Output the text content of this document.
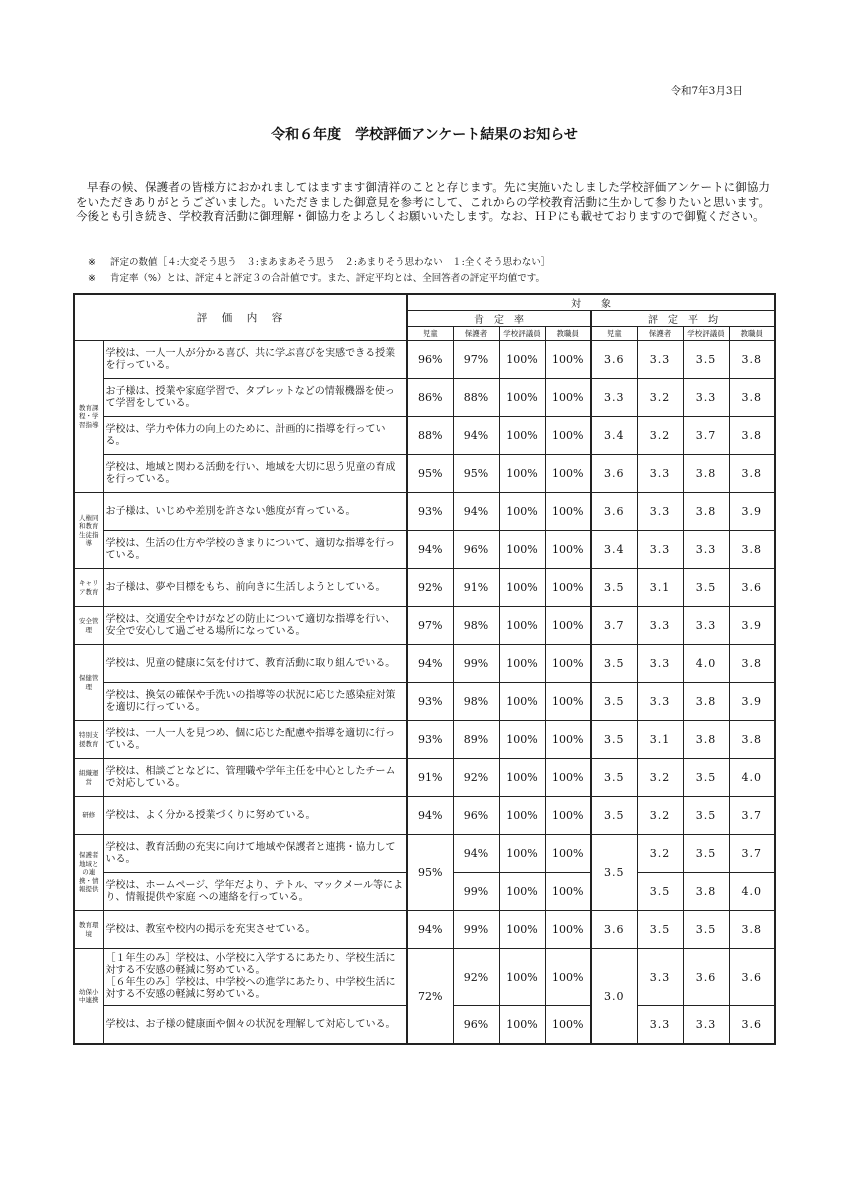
令和7年3月3日
令和６年度　学校評価アンケート結果のお知らせ
早春の候、保護者の皆様方におかれましてはますます御清祥のことと存じます。先に実施いたしました学校評価アンケートに御協力をいただきありがとうございました。いただきました御意見を参考にして、これからの学校教育活動に生かして参りたいと思います。今後とも引き続き、学校教育活動に御理解・御協力をよろしくお願いいたします。なお、ＨＰにも載せておりますので御覧ください。
※ 評定の数値［４:大変そう思う　３:まあまあそう思う　２:あまりそう思わない　１:全くそう思わない］
※ 肯定率（%）とは、評定４と評定３の合計値です。また、評定平均とは、全回答者の評定平均値です。
評　価　内　容		対　　象							
		肯　定　率				評　定　平　均			
		児童	保護者	学校評議員	教職員	児童	保護者	学校評議員	教職員
教育課程・学習指導	学校は、一人一人が分かる喜び、共に学ぶ喜びを実感できる授業を行っている。	96%	97%	100%	100%	3.6	3.3	3.5	3.8
	お子様は、授業や家庭学習で、タブレットなどの情報機器を使って学習をしている。	86%	88%	100%	100%	3.3	3.2	3.3	3.8
	学校は、学力や体力の向上のために、計画的に指導を行っている。	88%	94%	100%	100%	3.4	3.2	3.7	3.8
	学校は、地域と関わる活動を行い、地域を大切に思う児童の育成を行っている。	95%	95%	100%	100%	3.6	3.3	3.8	3.8
人権同和教育生徒指導	お子様は、いじめや差別を許さない態度が育っている。	93%	94%	100%	100%	3.6	3.3	3.8	3.9
	学校は、生活の仕方や学校のきまりについて、適切な指導を行っている。	94%	96%	100%	100%	3.4	3.3	3.3	3.8
キャリア教育	お子様は、夢や目標をもち、前向きに生活しようとしている。	92%	91%	100%	100%	3.5	3.1	3.5	3.6
安全管理	学校は、交通安全やけがなどの防止について適切な指導を行い、安全で安心して過ごせる場所になっている。	97%	98%	100%	100%	3.7	3.3	3.3	3.9
保健管理	学校は、児童の健康に気を付けて、教育活動に取り組んでいる。	94%	99%	100%	100%	3.5	3.3	4.0	3.8
	学校は、換気の確保や手洗いの指導等の状況に応じた感染症対策を適切に行っている。	93%	98%	100%	100%	3.5	3.3	3.8	3.9
特別支援教育	学校は、一人一人を見つめ、個に応じた配慮や指導を適切に行っている。	93%	89%	100%	100%	3.5	3.1	3.8	3.8
組織運営	学校は、相談ごとなどに、管理職や学年主任を中心としたチームで対応している。	91%	92%	100%	100%	3.5	3.2	3.5	4.0
研修	学校は、よく分かる授業づくりに努めている。	94%	96%	100%	100%	3.5	3.2	3.5	3.7
保護者地域との連携・情報提供	学校は、教育活動の充実に向けて地域や保護者と連携・協力している。	95%	94%	100%	100%	3.5	3.2	3.5	3.7
	学校は、ホームページ、学年だより、テトル、マックメール等により、情報提供や家庭 への連絡を行っている。		99%	100%	100%		3.5	3.8	4.0
教育環境	学校は、教室や校内の掲示を充実させている。	94%	99%	100%	100%	3.6	3.5	3.5	3.8
幼保小中連携	［１年生のみ］学校は、小学校に入学するにあたり、学校生活に対する不安感の軽減に努めている。
［６年生のみ］学校は、中学校への進学にあたり、中学校生活に対する不安感の軽減に努めている。	72%	92%	100%	100%	3.0	3.3	3.6	3.6
	学校は、お子様の健康面や個々の状況を理解して対応している。		96%	100%	100%		3.3	3.3	3.6
